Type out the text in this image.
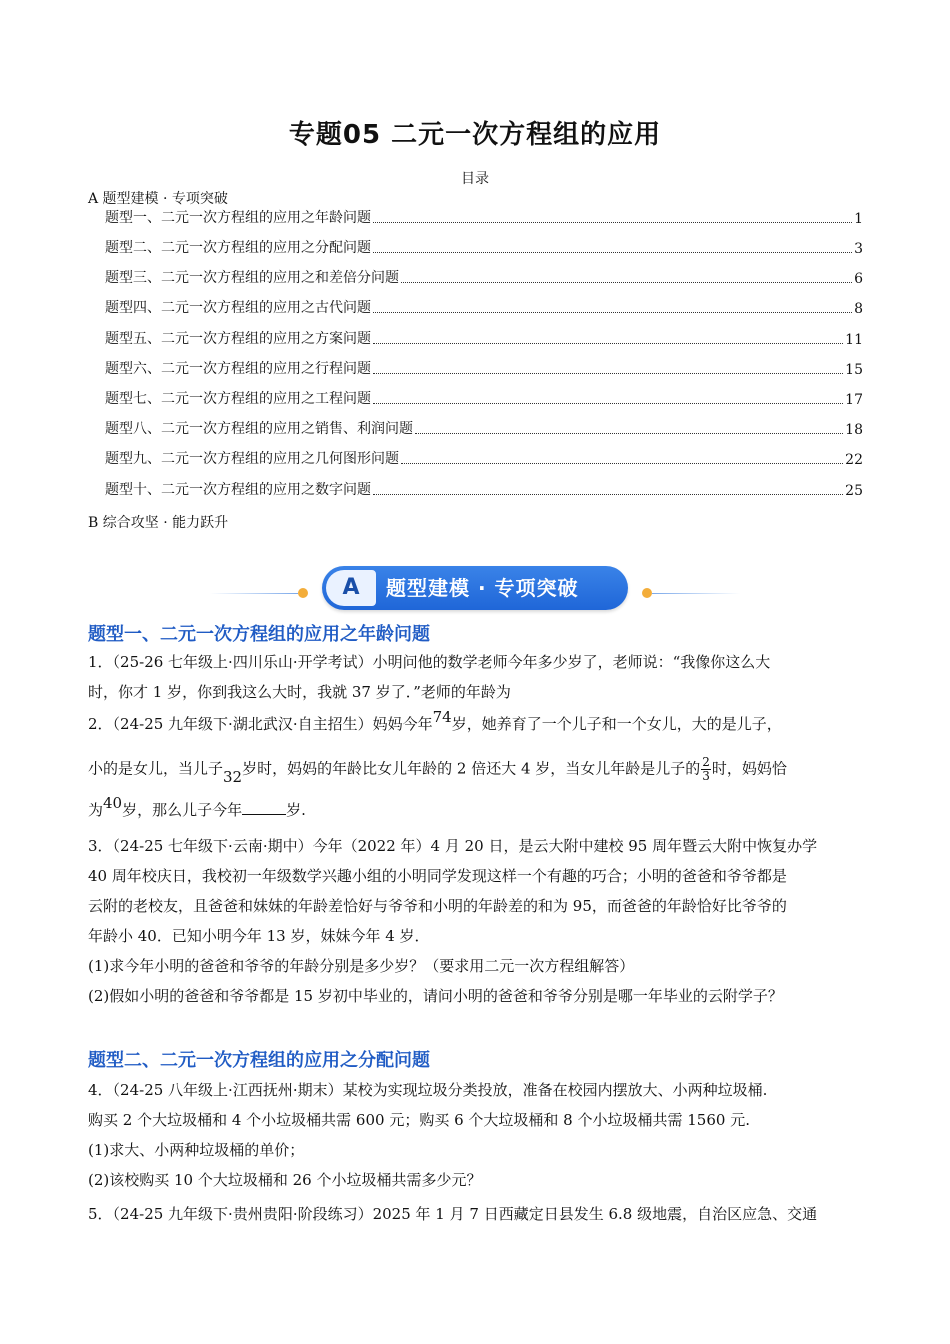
专题05 二元一次方程组的应用
目录
A 题型建模 · 专项突破
题型一、二元一次方程组的应用之年龄问题	1
题型二、二元一次方程组的应用之分配问题	3
题型三、二元一次方程组的应用之和差倍分问题	6
题型四、二元一次方程组的应用之古代问题	8
题型五、二元一次方程组的应用之方案问题	11
题型六、二元一次方程组的应用之行程问题	15
题型七、二元一次方程组的应用之工程问题	17
题型八、二元一次方程组的应用之销售、利润问题	18
题型九、二元一次方程组的应用之几何图形问题	22
题型十、二元一次方程组的应用之数字问题	25
B 综合攻坚 · 能力跃升
A	题型建模 · 专项突破
题型一、二元一次方程组的应用之年龄问题
1．（25-26 七年级上·四川乐山·开学考试）小明问他的数学老师今年多少岁了，老师说：“我像你这么大
时，你才 1 岁，你到我这么大时，我就 37 岁了．”老师的年龄为
2．（24-25 九年级下·湖北武汉·自主招生）妈妈今年74岁，她养育了一个儿子和一个女儿，大的是儿子，
小的是女儿，当儿子32岁时，妈妈的年龄比女儿年龄的 2 倍还大 4 岁，当女儿年龄是儿子的 $\frac{2}{3}$ 时，妈妈恰
为40岁，那么儿子今年	岁.
3．（24-25 七年级下·云南·期中）今年（2022 年）4 月 20 日，是云大附中建校 95 周年暨云大附中恢复办学
40 周年校庆日，我校初一年级数学兴趣小组的小明同学发现这样一个有趣的巧合；小明的爸爸和爷爷都是
云附的老校友，且爸爸和妹妹的年龄差恰好与爷爷和小明的年龄差的和为 95，而爸爸的年龄恰好比爷爷的
年龄小 40．已知小明今年 13 岁，妹妹今年 4 岁．
(1)求今年小明的爸爸和爷爷的年龄分别是多少岁？（要求用二元一次方程组解答）
(2)假如小明的爸爸和爷爷都是 15 岁初中毕业的，请问小明的爸爸和爷爷分别是哪一年毕业的云附学子？
题型二、二元一次方程组的应用之分配问题
4．（24-25 八年级上·江西抚州·期末）某校为实现垃圾分类投放，准备在校园内摆放大、小两种垃圾桶.
购买 2 个大垃圾桶和 4 个小垃圾桶共需 600 元；购买 6 个大垃圾桶和 8 个小垃圾桶共需 1560 元.
(1)求大、小两种垃圾桶的单价；
(2)该校购买 10 个大垃圾桶和 26 个小垃圾桶共需多少元？
5．（24-25 九年级下·贵州贵阳·阶段练习）2025 年 1 月 7 日西藏定日县发生 6.8 级地震，自治区应急、交通
